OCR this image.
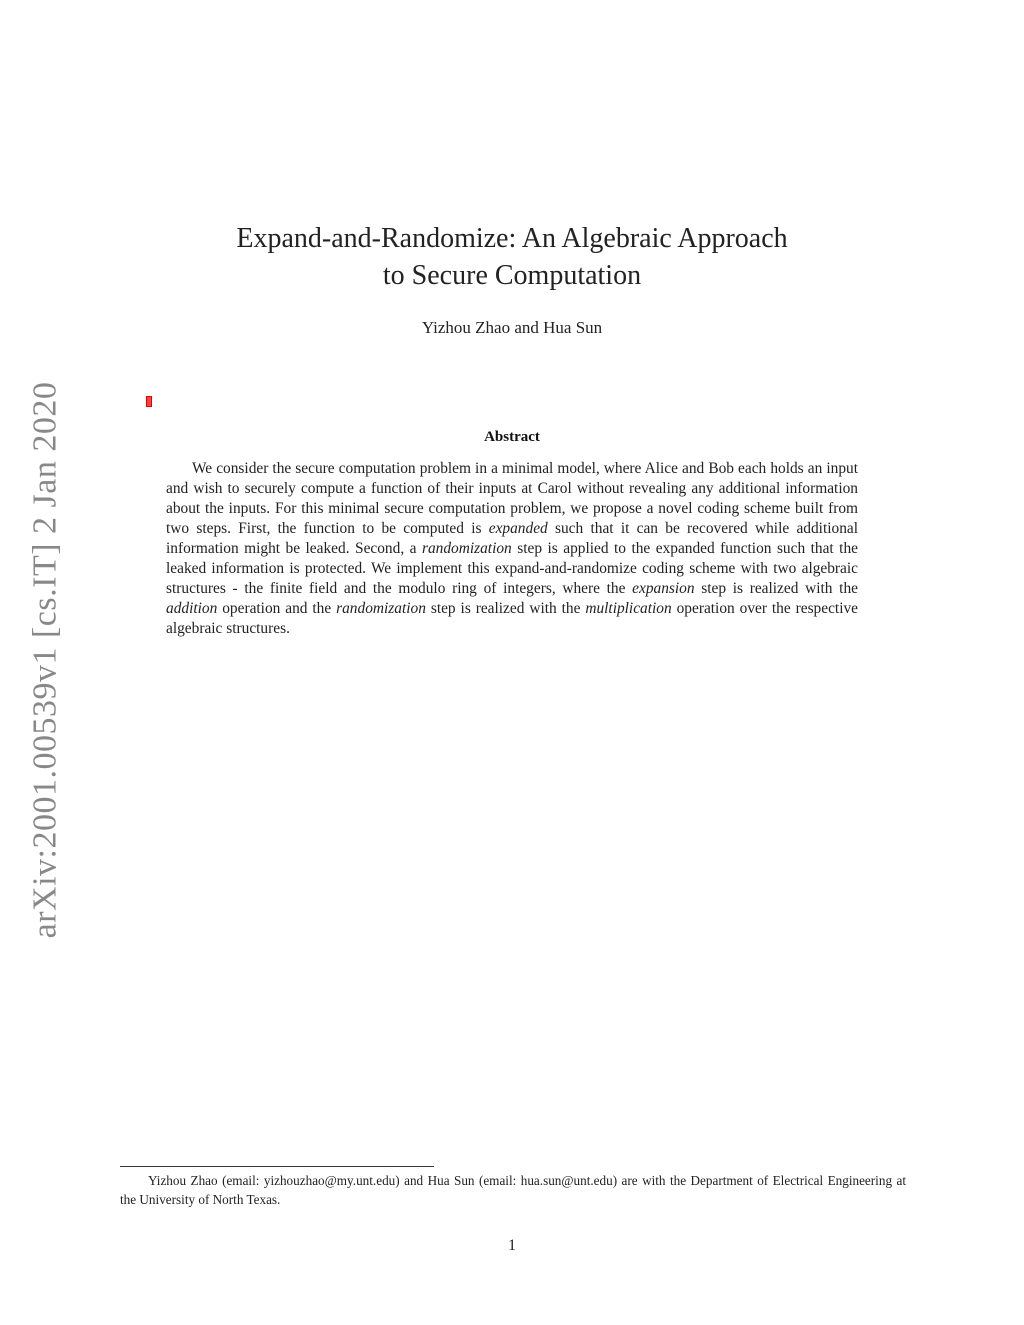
arXiv:2001.00539v1 [cs.IT] 2 Jan 2020
Expand-and-Randomize: An Algebraic Approach
to Secure Computation
Yizhou Zhao and Hua Sun
Abstract

We consider the secure computation problem in a minimal model, where Alice and Bob each holds an input and wish to securely compute a function of their inputs at Carol without revealing any additional information about the inputs. For this minimal secure computation problem, we propose a novel coding scheme built from two steps. First, the function to be computed is expanded such that it can be recovered while additional information might be leaked. Second, a randomization step is applied to the expanded function such that the leaked information is protected. We implement this expand-and-randomize coding scheme with two algebraic structures - the finite field and the modulo ring of integers, where the expansion step is realized with the addition operation and the randomization step is realized with the multiplication operation over the respective algebraic structures.

Yizhou Zhao (email: yizhouzhao@my.unt.edu) and Hua Sun (email: hua.sun@unt.edu) are with the Department of Electrical Engineering at the University of North Texas.

1
